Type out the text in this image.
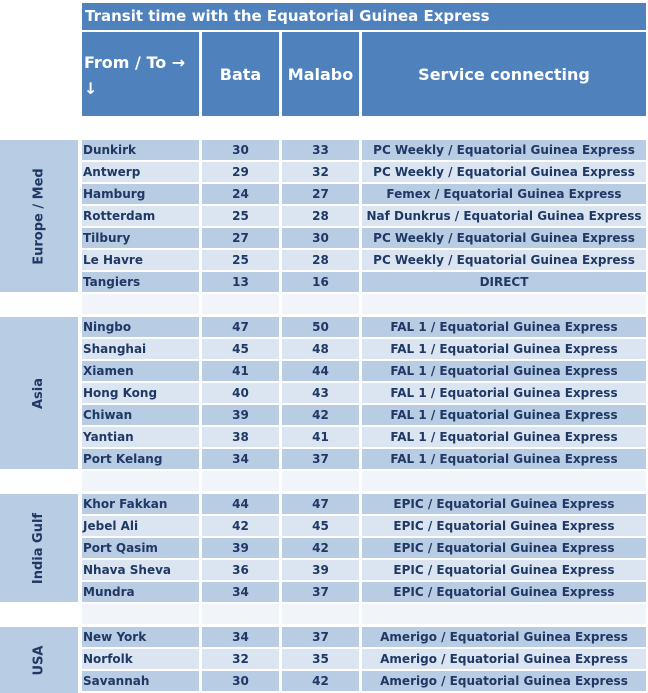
Transit time with the Equatorial Guinea Express
From / To →
↓
Bata	Malabo	Service connecting
Europe / Med
Dunkirk	30	33	PC Weekly / Equatorial Guinea Express
Antwerp	29	32	PC Weekly / Equatorial Guinea Express
Hamburg	24	27	Femex / Equatorial Guinea Express
Rotterdam	25	28	Naf Dunkrus / Equatorial Guinea Express
Tilbury	27	30	PC Weekly / Equatorial Guinea Express
Le Havre	25	28	PC Weekly / Equatorial Guinea Express
Tangiers	13	16	DIRECT
Asia
Ningbo	47	50	FAL 1 / Equatorial Guinea Express
Shanghai	45	48	FAL 1 / Equatorial Guinea Express
Xiamen	41	44	FAL 1 / Equatorial Guinea Express
Hong Kong	40	43	FAL 1 / Equatorial Guinea Express
Chiwan	39	42	FAL 1 / Equatorial Guinea Express
Yantian	38	41	FAL 1 / Equatorial Guinea Express
Port Kelang	34	37	FAL 1 / Equatorial Guinea Express
India Gulf
Khor Fakkan	44	47	EPIC / Equatorial Guinea Express
Jebel Ali	42	45	EPIC / Equatorial Guinea Express
Port Qasim	39	42	EPIC / Equatorial Guinea Express
Nhava Sheva	36	39	EPIC / Equatorial Guinea Express
Mundra	34	37	EPIC / Equatorial Guinea Express
USA
New York	34	37	Amerigo / Equatorial Guinea Express
Norfolk	32	35	Amerigo / Equatorial Guinea Express
Savannah	30	42	Amerigo / Equatorial Guinea Express
